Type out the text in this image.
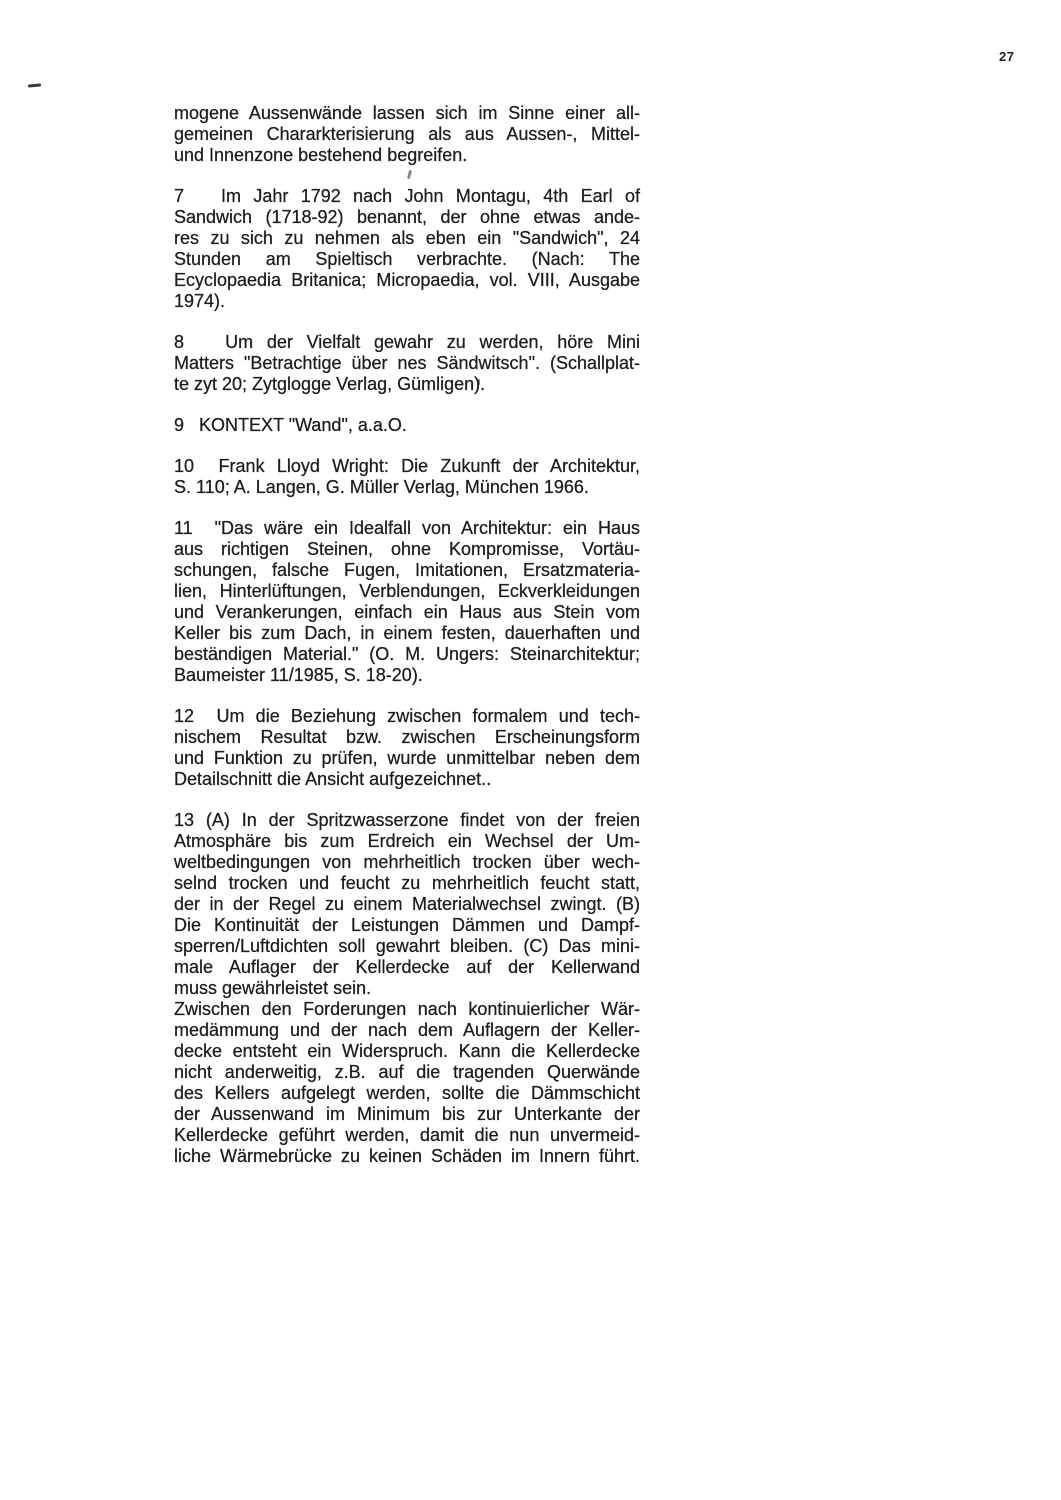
27
mogene Aussenwände lassen sich im Sinne einer all-
gemeinen Chararkterisierung als aus Aussen-, Mittel-
und Innenzone bestehend begreifen.
7   Im Jahr 1792 nach John Montagu, 4th Earl of
Sandwich (1718-92) benannt, der ohne etwas ande-
res zu sich zu nehmen als eben ein "Sandwich", 24
Stunden am Spieltisch verbrachte. (Nach: The
Ecyclopaedia Britanica; Micropaedia, vol. VIII, Ausgabe
1974).
8   Um der Vielfalt gewahr zu werden, höre Mini
Matters "Betrachtige über nes Sändwitsch". (Schallplat-
te zyt 20; Zytglogge Verlag, Gümligen).
9   KONTEXT "Wand", a.a.O.
10  Frank Lloyd Wright: Die Zukunft der Architektur,
S. 110; A. Langen, G. Müller Verlag, München 1966.
11  "Das wäre ein Idealfall von Architektur: ein Haus
aus richtigen Steinen, ohne Kompromisse, Vortäu-
schungen, falsche Fugen, Imitationen, Ersatzmateria-
lien, Hinterlüftungen, Verblendungen, Eckverkleidungen
und Verankerungen, einfach ein Haus aus Stein vom
Keller bis zum Dach, in einem festen, dauerhaften und
beständigen Material." (O. M. Ungers: Steinarchitektur;
Baumeister 11/1985, S. 18-20).
12  Um die Beziehung zwischen formalem und tech-
nischem Resultat bzw. zwischen Erscheinungsform
und Funktion zu prüfen, wurde unmittelbar neben dem
Detailschnitt die Ansicht aufgezeichnet..
13 (A) In der Spritzwasserzone findet von der freien
Atmosphäre bis zum Erdreich ein Wechsel der Um-
weltbedingungen von mehrheitlich trocken über wech-
selnd trocken und feucht zu mehrheitlich feucht statt,
der in der Regel zu einem Materialwechsel zwingt. (B)
Die Kontinuität der Leistungen Dämmen und Dampf-
sperren/Luftdichten soll gewahrt bleiben. (C) Das mini-
male Auflager der Kellerdecke auf der Kellerwand
muss gewährleistet sein.
Zwischen den Forderungen nach kontinuierlicher Wär-
medämmung und der nach dem Auflagern der Keller-
decke entsteht ein Widerspruch. Kann die Kellerdecke
nicht anderweitig, z.B. auf die tragenden Querwände
des Kellers aufgelegt werden, sollte die Dämmschicht
der Aussenwand im Minimum bis zur Unterkante der
Kellerdecke geführt werden, damit die nun unvermeid-
liche Wärmebrücke zu keinen Schäden im Innern führt.
